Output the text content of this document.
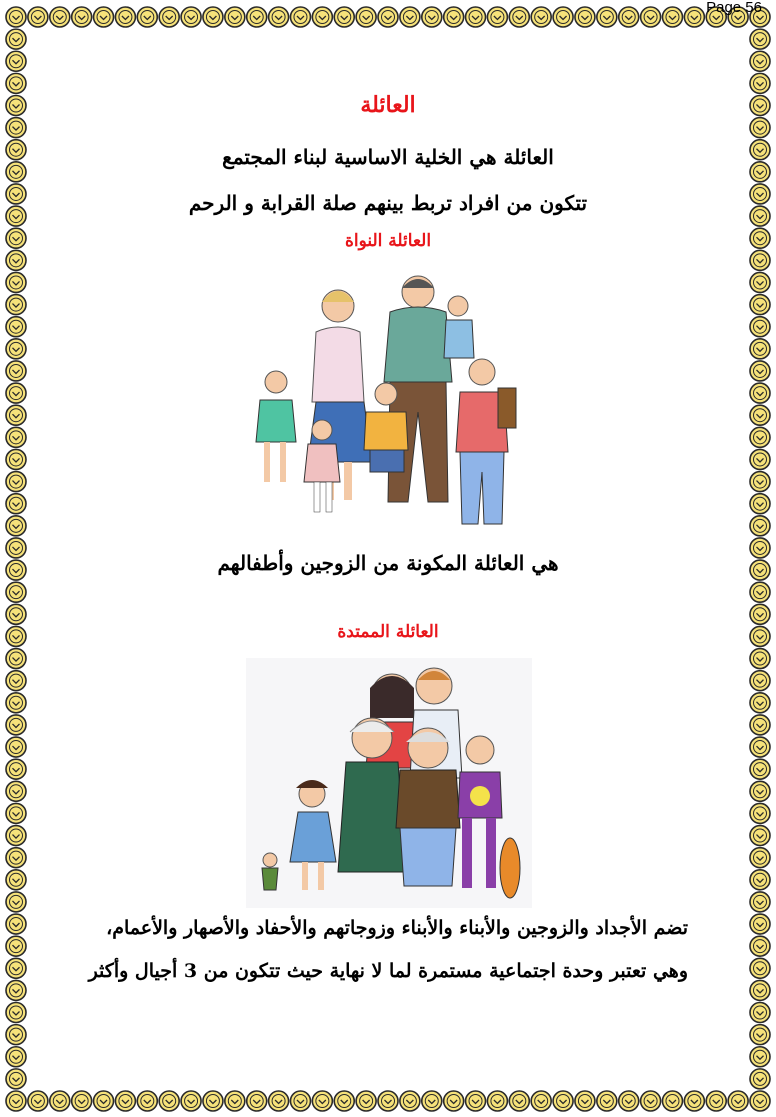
Page 56
العائلة
العائلة هي الخلية الاساسية لبناء المجتمع
تتكون من افراد تربط بينهم صلة القرابة و الرحم
العائلة النواة
هي العائلة المكونة من الزوجين وأطفالهم
العائلة الممتدة
تضم الأجداد والزوجين والأبناء والأبناء وزوجاتهم والأحفاد والأصهار والأعمام،
وهي تعتبر وحدة اجتماعية مستمرة لما لا نهاية حيث تتكون من 3 أجيال وأكثر
